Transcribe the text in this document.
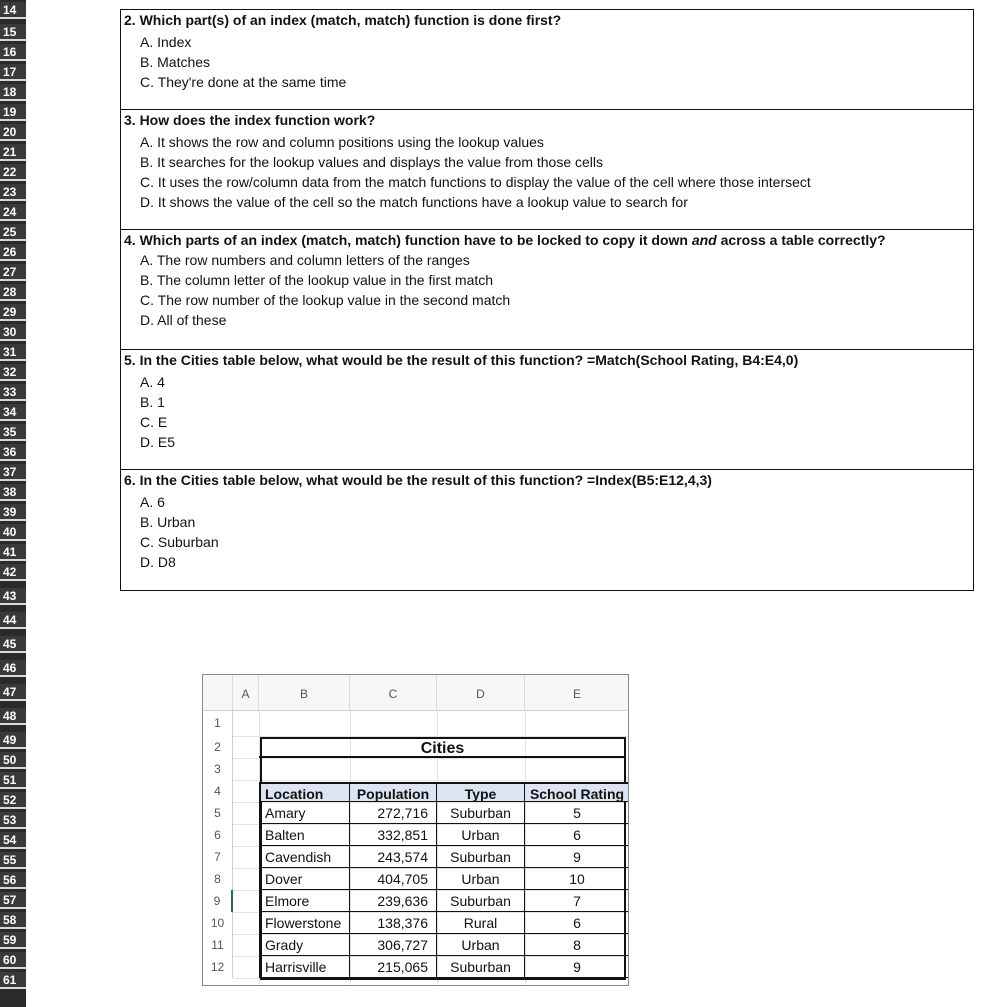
14
15
16
17
18
19
20
21
22
23
24
25
26
27
28
29
30
31
32
33
34
35
36
37
38
39
40
41
42
43
44
45
46
47
48
49
50
51
52
53
54
55
56
57
58
59
60
61
2. Which part(s) of an index (match, match) function is done first?
A. Index
B. Matches
C. They're done at the same time
3. How does the index function work?
A. It shows the row and column positions using the lookup values
B. It searches for the lookup values and displays the value from those cells
C. It uses the row/column data from the match functions to display the value of the cell where those intersect
D. It shows the value of the cell so the match functions have a lookup value to search for
4. Which parts of an index (match, match) function have to be locked to copy it down and across a table correctly?
A. The row numbers and column letters of the ranges
B. The column letter of the lookup value in the first match
C. The row number of the lookup value in the second match
D. All of these
5. In the Cities table below, what would be the result of this function? =Match(School Rating, B4:E4,0)
A. 4
B. 1
C. E
D. E5
6. In the Cities table below, what would be the result of this function? =Index(B5:E12,4,3)
A. 6
B. Urban
C. Suburban
D. D8
A	B	C	D	E
1
2
3
4
5
6
7
8
9
10
11
12
Cities
Location	Population	Type	School Rating
Amary	272,716	Suburban	5
Balten	332,851	Urban	6
Cavendish	243,574	Suburban	9
Dover	404,705	Urban	10
Elmore	239,636	Suburban	7
Flowerstone	138,376	Rural	6
Grady	306,727	Urban	8
Harrisville	215,065	Suburban	9
